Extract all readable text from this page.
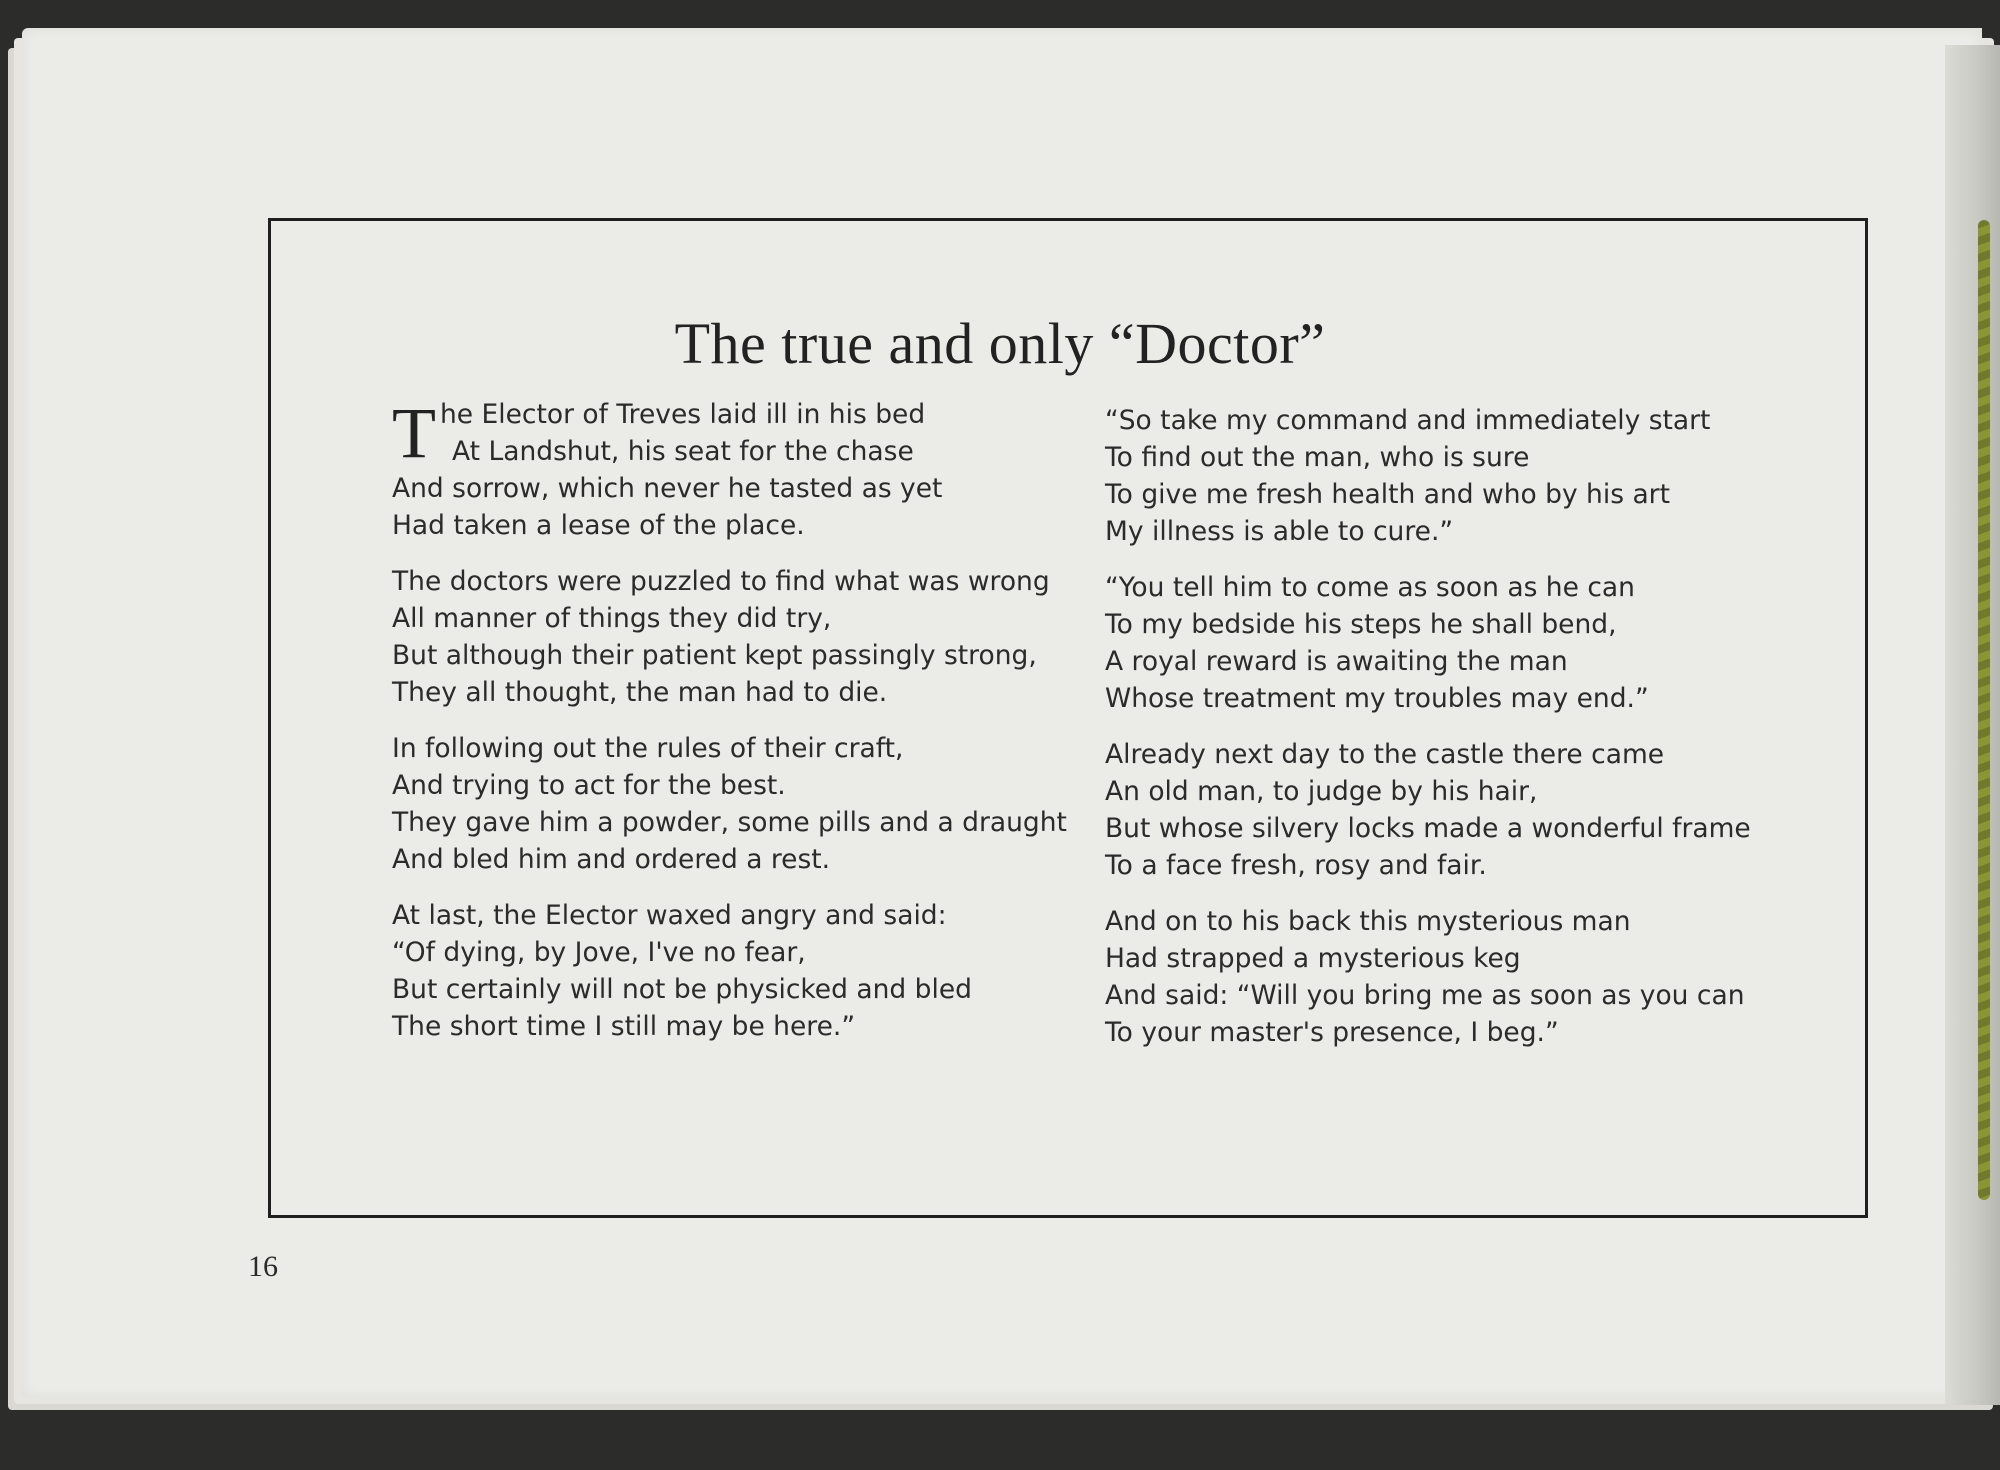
The true and only “Doctor”
T he Elector of Treves laid ill in his bed
At Landshut, his seat for the chase
And sorrow, which never he tasted as yet
Had taken a lease of the place.
The doctors were puzzled to find what was wrong
All manner of things they did try,
But although their patient kept passingly strong,
They all thought, the man had to die.
In following out the rules of their craft,
And trying to act for the best.
They gave him a powder, some pills and a draught
And bled him and ordered a rest.
At last, the Elector waxed angry and said:
“Of dying, by Jove, I've no fear,
But certainly will not be physicked and bled
The short time I still may be here.”
“So take my command and immediately start
To find out the man, who is sure
To give me fresh health and who by his art
My illness is able to cure.”
“You tell him to come as soon as he can
To my bedside his steps he shall bend,
A royal reward is awaiting the man
Whose treatment my troubles may end.”
Already next day to the castle there came
An old man, to judge by his hair,
But whose silvery locks made a wonderful frame
To a face fresh, rosy and fair.
And on to his back this mysterious man
Had strapped a mysterious keg
And said: “Will you bring me as soon as you can
To your master's presence, I beg.”
16
